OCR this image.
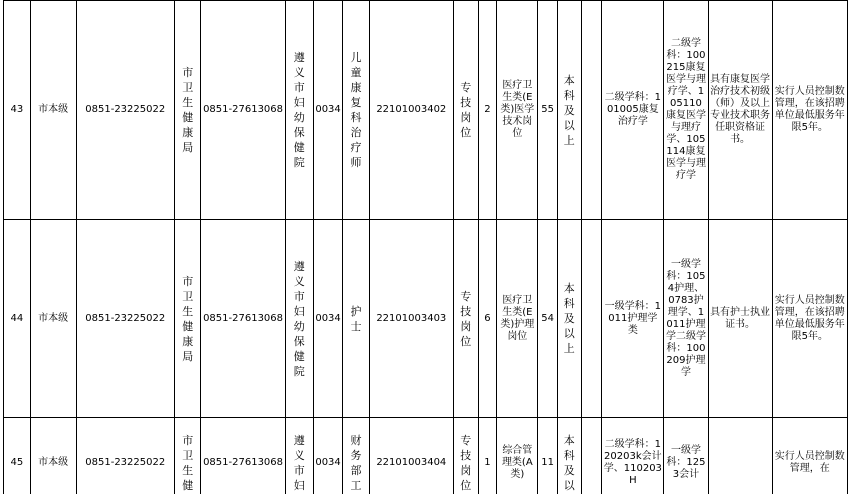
43	市本级	0851-23225022	市卫生健康局	0851-27613068	遵义市妇幼保健院	0034	儿童康复科治疗师	22101003402	专技岗位	2	医疗卫生类(E类)医学技术岗位	55	本科及以上		二级学科：101005康复治疗学	二级学科：100215康复医学与理疗学、105110康复医学与理疗学、105114康复医学与理疗学	具有康复医学治疗技术初级（师）及以上专业技术职务任职资格证书。	实行人员控制数管理，在该招聘单位最低服务年限5年。
44	市本级	0851-23225022	市卫生健康局	0851-27613068	遵义市妇幼保健院	0034	护士	22101003403	专技岗位	6	医疗卫生类(E类)护理岗位	54	本科及以上		一级学科：1011护理学类	一级学科：1054护理、0783护理学、1011护理学二级学科：100209护理学	具有护士执业证书。	实行人员控制数管理，在该招聘单位最低服务年限5年。
45	市本级	0851-23225022	市卫生健	0851-27613068	遵义市妇	0034	财务部工	22101003404	专技岗位	1	综合管理类(A类)	11	本科及以		二级学科：120203k会计学、110203H	一级学科：1253会计		实行人员控制数管理，在
